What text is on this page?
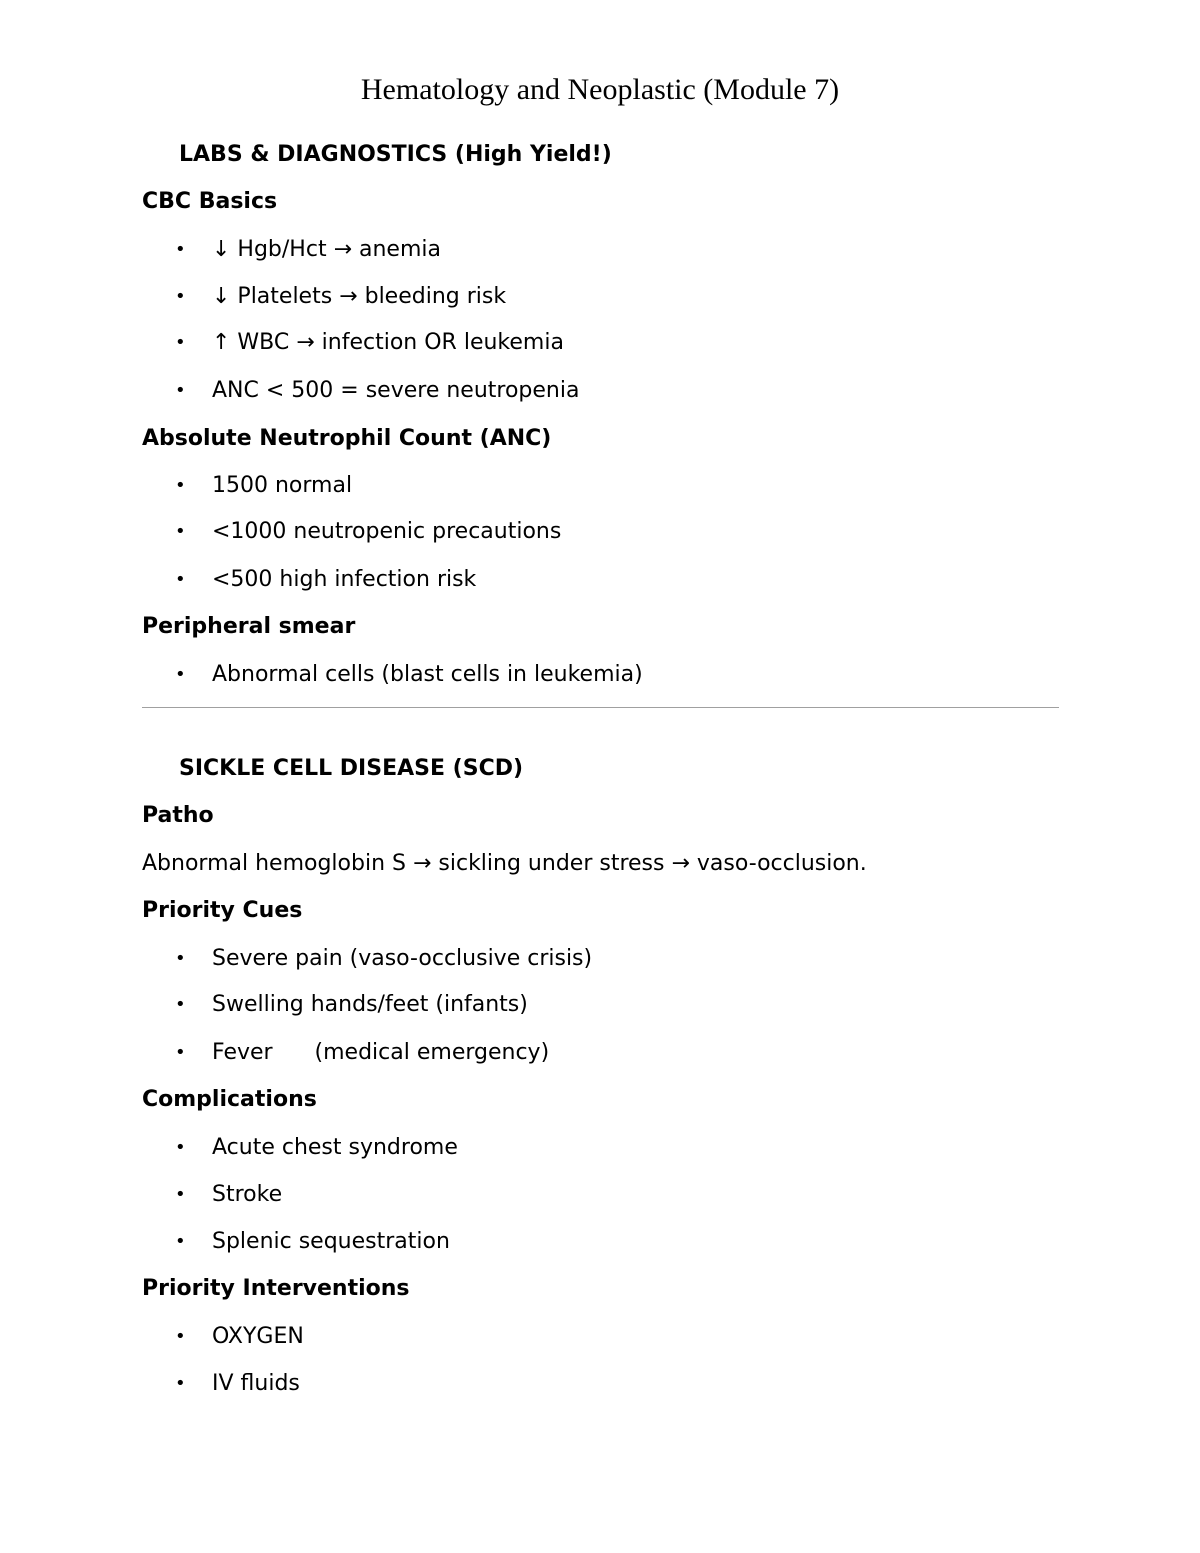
Hematology and Neoplastic (Module 7)
LABS & DIAGNOSTICS (High Yield!)
CBC Basics
• ↓ Hgb/Hct → anemia
• ↓ Platelets → bleeding risk
• ↑ WBC → infection OR leukemia
• ANC < 500 = severe neutropenia
Absolute Neutrophil Count (ANC)
• 1500 normal
• <1000 neutropenic precautions
• <500 high infection risk
Peripheral smear
• Abnormal cells (blast cells in leukemia)
SICKLE CELL DISEASE (SCD)
Patho
Abnormal hemoglobin S → sickling under stress → vaso-occlusion.
Priority Cues
• Severe pain (vaso-occlusive crisis)
• Swelling hands/feet (infants)
• Fever      (medical emergency)
Complications
• Acute chest syndrome
• Stroke
• Splenic sequestration
Priority Interventions
• OXYGEN
• IV fluids
